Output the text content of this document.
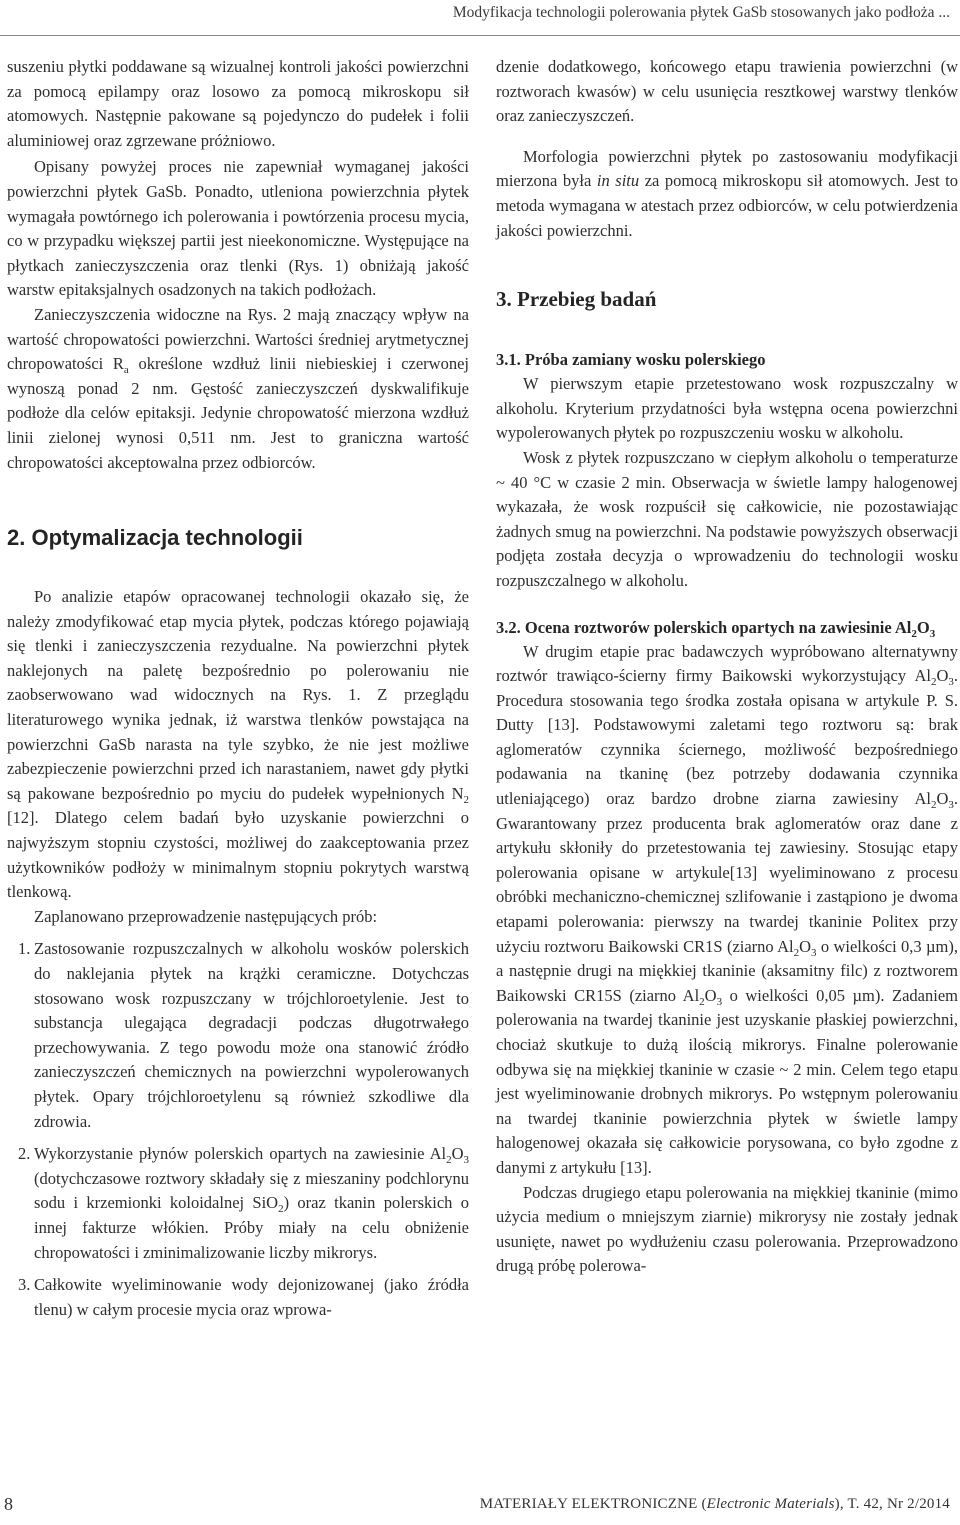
Modyfikacja technologii polerowania płytek GaSb stosowanych jako podłoża ...

suszeniu płytki poddawane są wizualnej kontroli jakości powierzchni za pomocą epilampy oraz losowo za pomocą mikroskopu sił atomowych. Następnie pakowane są pojedynczo do pudełek i folii aluminiowej oraz zgrzewane próżniowo.

Opisany powyżej proces nie zapewniał wymaganej jakości powierzchni płytek GaSb. Ponadto, utleniona powierzchnia płytek wymagała powtórnego ich polerowania i powtórzenia procesu mycia, co w przypadku większej partii jest nieekonomiczne. Występujące na płytkach zanieczyszczenia oraz tlenki (Rys. 1) obniżają jakość warstw epitaksjalnych osadzonych na takich podłożach.

Zanieczyszczenia widoczne na Rys. 2 mają znaczący wpływ na wartość chropowatości powierzchni. Wartości średniej arytmetycznej chropowatości $R_a$ określone wzdłuż linii niebieskiej i czerwonej wynoszą ponad 2 nm. Gęstość zanieczyszczeń dyskwalifikuje podłoże dla celów epitaksji. Jedynie chropowatość mierzona wzdłuż linii zielonej wynosi 0,511 nm. Jest to graniczna wartość chropowatości akceptowalna przez odbiorców.

2. Optymalizacja technologii

Po analizie etapów opracowanej technologii okazało się, że należy zmodyfikować etap mycia płytek, podczas którego pojawiają się tlenki i zanieczyszczenia rezydualne. Na powierzchni płytek naklejonych na paletę bezpośrednio po polerowaniu nie zaobserwowano wad widocznych na Rys. 1. Z przeglądu literaturowego wynika jednak, iż warstwa tlenków powstająca na powierzchni GaSb narasta na tyle szybko, że nie jest możliwe zabezpieczenie powierzchni przed ich narastaniem, nawet gdy płytki są pakowane bezpośrednio po myciu do pudełek wypełnionych $N_2$ [12]. Dlatego celem badań było uzyskanie powierzchni o najwyższym stopniu czystości, możliwej do zaakceptowania przez użytkowników podłoży w minimalnym stopniu pokrytych warstwą tlenkową.

Zaplanowano przeprowadzenie następujących prób:

1. Zastosowanie rozpuszczalnych w alkoholu wosków polerskich do naklejania płytek na krążki ceramiczne. Dotychczas stosowano wosk rozpuszczany w trójchloroetylenie. Jest to substancja ulegająca degradacji podczas długotrwałego przechowywania. Z tego powodu może ona stanowić źródło zanieczyszczeń chemicznych na powierzchni wypolerowanych płytek. Opary trójchloroetylenu są również szkodliwe dla zdrowia.
2. Wykorzystanie płynów polerskich opartych na zawiesinie $Al_2O_3$ (dotychczasowe roztwory składały się z mieszaniny podchlorynu sodu i krzemionki koloidalnej SiO$_2$) oraz tkanin polerskich o innej fakturze włókien. Próby miały na celu obniżenie chropowatości i zminimalizowanie liczby mikrorys.
3. Całkowite wyeliminowanie wody dejonizowanej (jako źródła tlenu) w całym procesie mycia oraz wprowa-

dzenie dodatkowego, końcowego etapu trawienia powierzchni (w roztworach kwasów) w celu usunięcia resztkowej warstwy tlenków oraz zanieczyszczeń.

Morfologia powierzchni płytek po zastosowaniu modyfikacji mierzona była in situ za pomocą mikroskopu sił atomowych. Jest to metoda wymagana w atestach przez odbiorców, w celu potwierdzenia jakości powierzchni.

3. Przebieg badań
3.1. Próba zamiany wosku polerskiego

W pierwszym etapie przetestowano wosk rozpuszczalny w alkoholu. Kryterium przydatności była wstępna ocena powierzchni wypolerowanych płytek po rozpuszczeniu wosku w alkoholu.

Wosk z płytek rozpuszczano w ciepłym alkoholu o temperaturze ~ 40 °C w czasie 2 min. Obserwacja w świetle lampy halogenowej wykazała, że wosk rozpuścił się całkowicie, nie pozostawiając żadnych smug na powierzchni. Na podstawie powyższych obserwacji podjęta została decyzja o wprowadzeniu do technologii wosku rozpuszczalnego w alkoholu.

3.2. Ocena roztworów polerskich opartych na zawiesinie $Al_2O_3$

W drugim etapie prac badawczych wypróbowano alternatywny roztwór trawiąco-ścierny firmy Baikowski wykorzystujący $Al_2O_3$. Procedura stosowania tego środka została opisana w artykule P. S. Dutty [13]. Podstawowymi zaletami tego roztworu są: brak aglomeratów czynnika ściernego, możliwość bezpośredniego podawania na tkaninę (bez potrzeby dodawania czynnika utleniającego) oraz bardzo drobne ziarna zawiesiny $Al_2O_3$. Gwarantowany przez producenta brak aglomeratów oraz dane z artykułu skłoniły do przetestowania tej zawiesiny. Stosując etapy polerowania opisane w artykule[13] wyeliminowano z procesu obróbki mechaniczno-chemicznej szlifowanie i zastąpiono je dwoma etapami polerowania: pierwszy na twardej tkaninie Politex przy użyciu roztworu Baikowski CR1S (ziarno $Al_2O_3$ o wielkości 0,3 µm), a następnie drugi na miękkiej tkaninie (aksamitny filc) z roztworem Baikowski CR15S (ziarno $Al_2O_3$ o wielkości 0,05 µm). Zadaniem polerowania na twardej tkaninie jest uzyskanie płaskiej powierzchni, chociaż skutkuje to dużą ilością mikrorys. Finalne polerowanie odbywa się na miękkiej tkaninie w czasie ~ 2 min. Celem tego etapu jest wyeliminowanie drobnych mikrorys. Po wstępnym polerowaniu na twardej tkaninie powierzchnia płytek w świetle lampy halogenowej okazała się całkowicie porysowana, co było zgodne z danymi z artykułu [13].

Podczas drugiego etapu polerowania na miękkiej tkaninie (mimo użycia medium o mniejszym ziarnie) mikrorysy nie zostały jednak usunięte, nawet po wydłużeniu czasu polerowania. Przeprowadzono drugą próbę polerowa-

8	MATERIAŁY ELEKTRONICZNE (Electronic Materials), T. 42, Nr 2/2014
